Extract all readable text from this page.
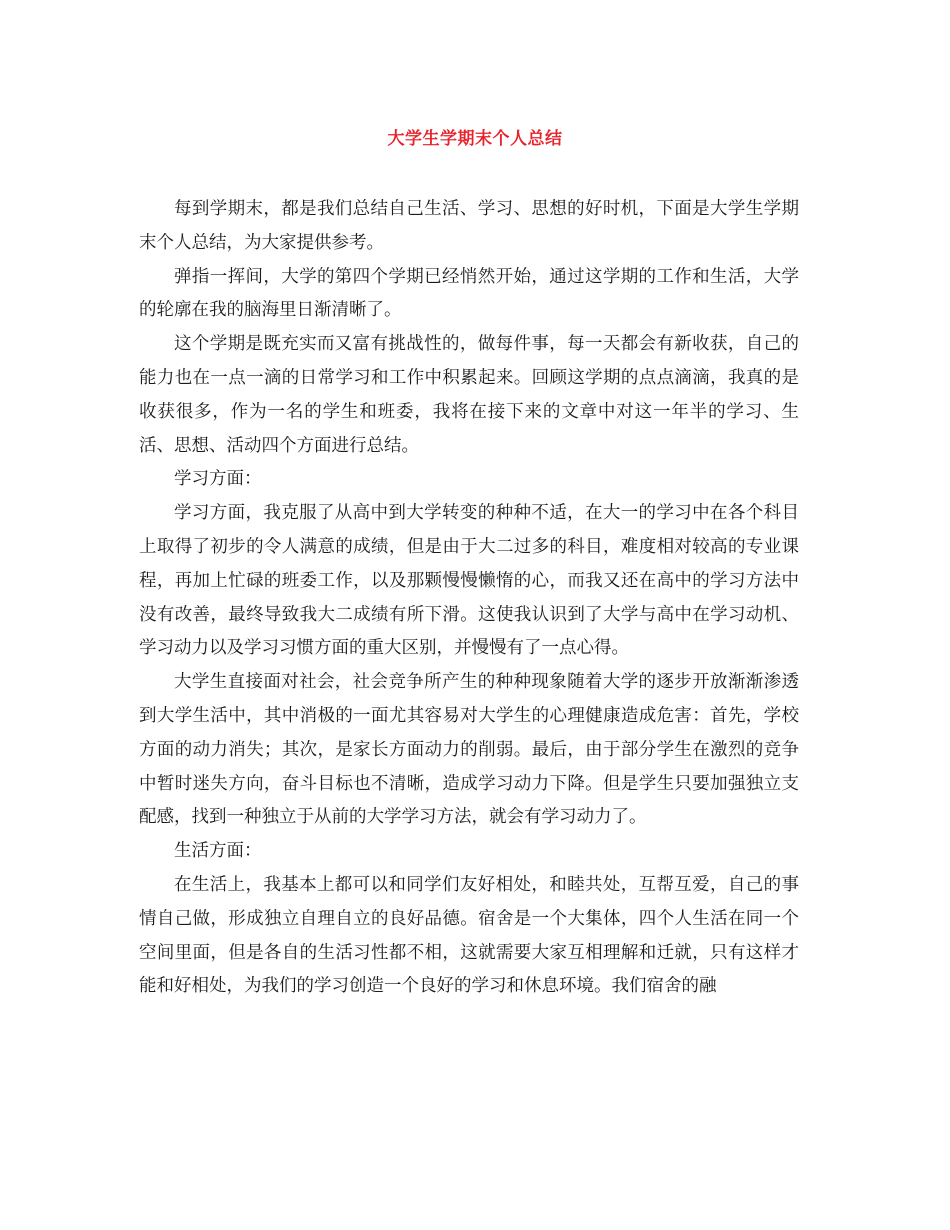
大学生学期末个人总结

每到学期末，都是我们总结自己生活、学习、思想的好时机，下面是大学生学期末个人总结，为大家提供参考。

弹指一挥间，大学的第四个学期已经悄然开始，通过这学期的工作和生活，大学的轮廓在我的脑海里日渐清晰了。

这个学期是既充实而又富有挑战性的，做每件事，每一天都会有新收获，自己的能力也在一点一滴的日常学习和工作中积累起来。回顾这学期的点点滴滴，我真的是收获很多，作为一名的学生和班委，我将在接下来的文章中对这一年半的学习、生活、思想、活动四个方面进行总结。

学习方面：

学习方面，我克服了从高中到大学转变的种种不适，在大一的学习中在各个科目上取得了初步的令人满意的成绩，但是由于大二过多的科目，难度相对较高的专业课程，再加上忙碌的班委工作，以及那颗慢慢懒惰的心，而我又还在高中的学习方法中没有改善，最终导致我大二成绩有所下滑。这使我认识到了大学与高中在学习动机、学习动力以及学习习惯方面的重大区别，并慢慢有了一点心得。

大学生直接面对社会，社会竞争所产生的种种现象随着大学的逐步开放渐渐渗透到大学生活中，其中消极的一面尤其容易对大学生的心理健康造成危害：首先，学校方面的动力消失；其次，是家长方面动力的削弱。最后，由于部分学生在激烈的竞争中暂时迷失方向，奋斗目标也不清晰，造成学习动力下降。但是学生只要加强独立支配感，找到一种独立于从前的大学学习方法，就会有学习动力了。

生活方面：

在生活上，我基本上都可以和同学们友好相处，和睦共处，互帮互爱，自己的事情自己做，形成独立自理自立的良好品德。宿舍是一个大集体，四个人生活在同一个空间里面，但是各自的生活习性都不相，这就需要大家互相理解和迁就，只有这样才能和好相处，为我们的学习创造一个良好的学习和休息环境。我们宿舍的融
